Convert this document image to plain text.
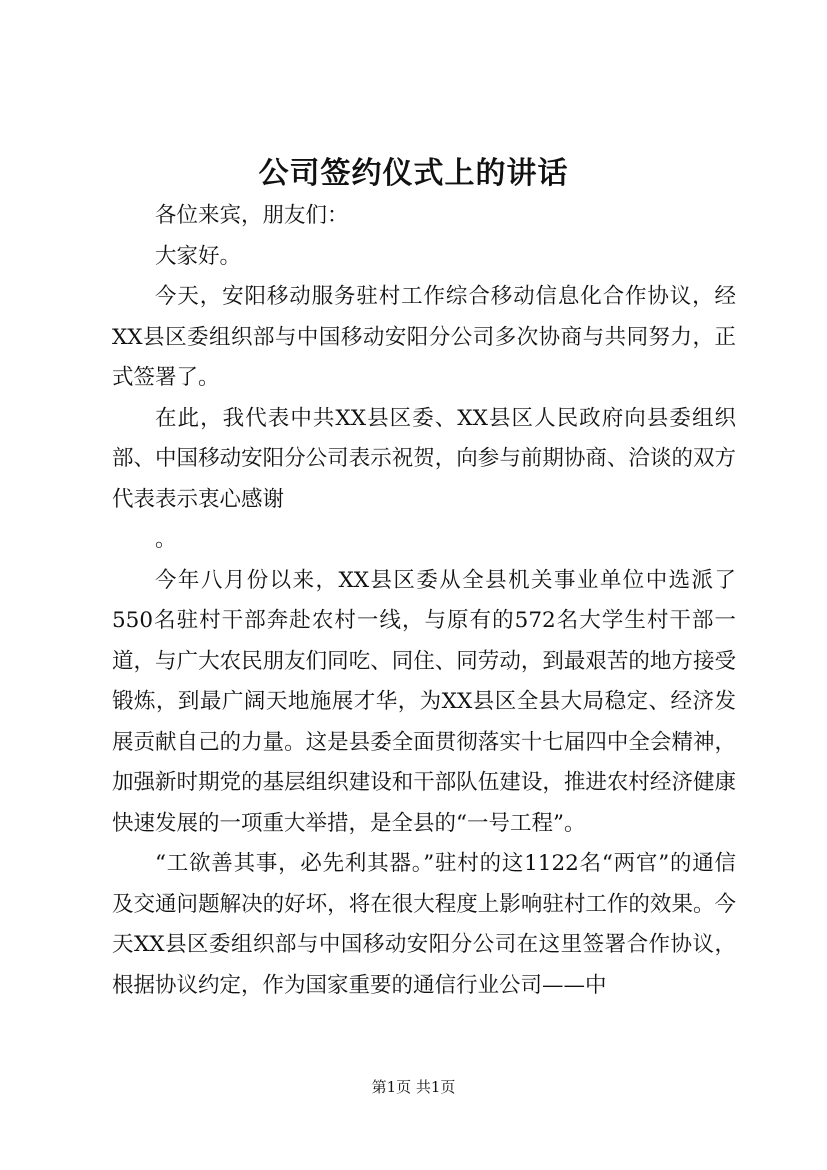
公司签约仪式上的讲话

各位来宾，朋友们：

大家好。

今天，安阳移动服务驻村工作综合移动信息化合作协议，经XX县区委组织部与中国移动安阳分公司多次协商与共同努力，正式签署了。

在此，我代表中共XX县区委、XX县区人民政府向县委组织部、中国移动安阳分公司表示祝贺，向参与前期协商、洽谈的双方代表表示衷心感谢

。

今年八月份以来，XX县区委从全县机关事业单位中选派了550名驻村干部奔赴农村一线，与原有的572名大学生村干部一道，与广大农民朋友们同吃、同住、同劳动，到最艰苦的地方接受锻炼，到最广阔天地施展才华，为XX县区全县大局稳定、经济发展贡献自己的力量。这是县委全面贯彻落实十七届四中全会精神，加强新时期党的基层组织建设和干部队伍建设，推进农村经济健康快速发展的一项重大举措，是全县的“一号工程”。

“工欲善其事，必先利其器。”驻村的这1122名“两官”的通信及交通问题解决的好坏，将在很大程度上影响驻村工作的效果。今天XX县区委组织部与中国移动安阳分公司在这里签署合作协议，根据协议约定，作为国家重要的通信行业公司——中

第1页 共1页
